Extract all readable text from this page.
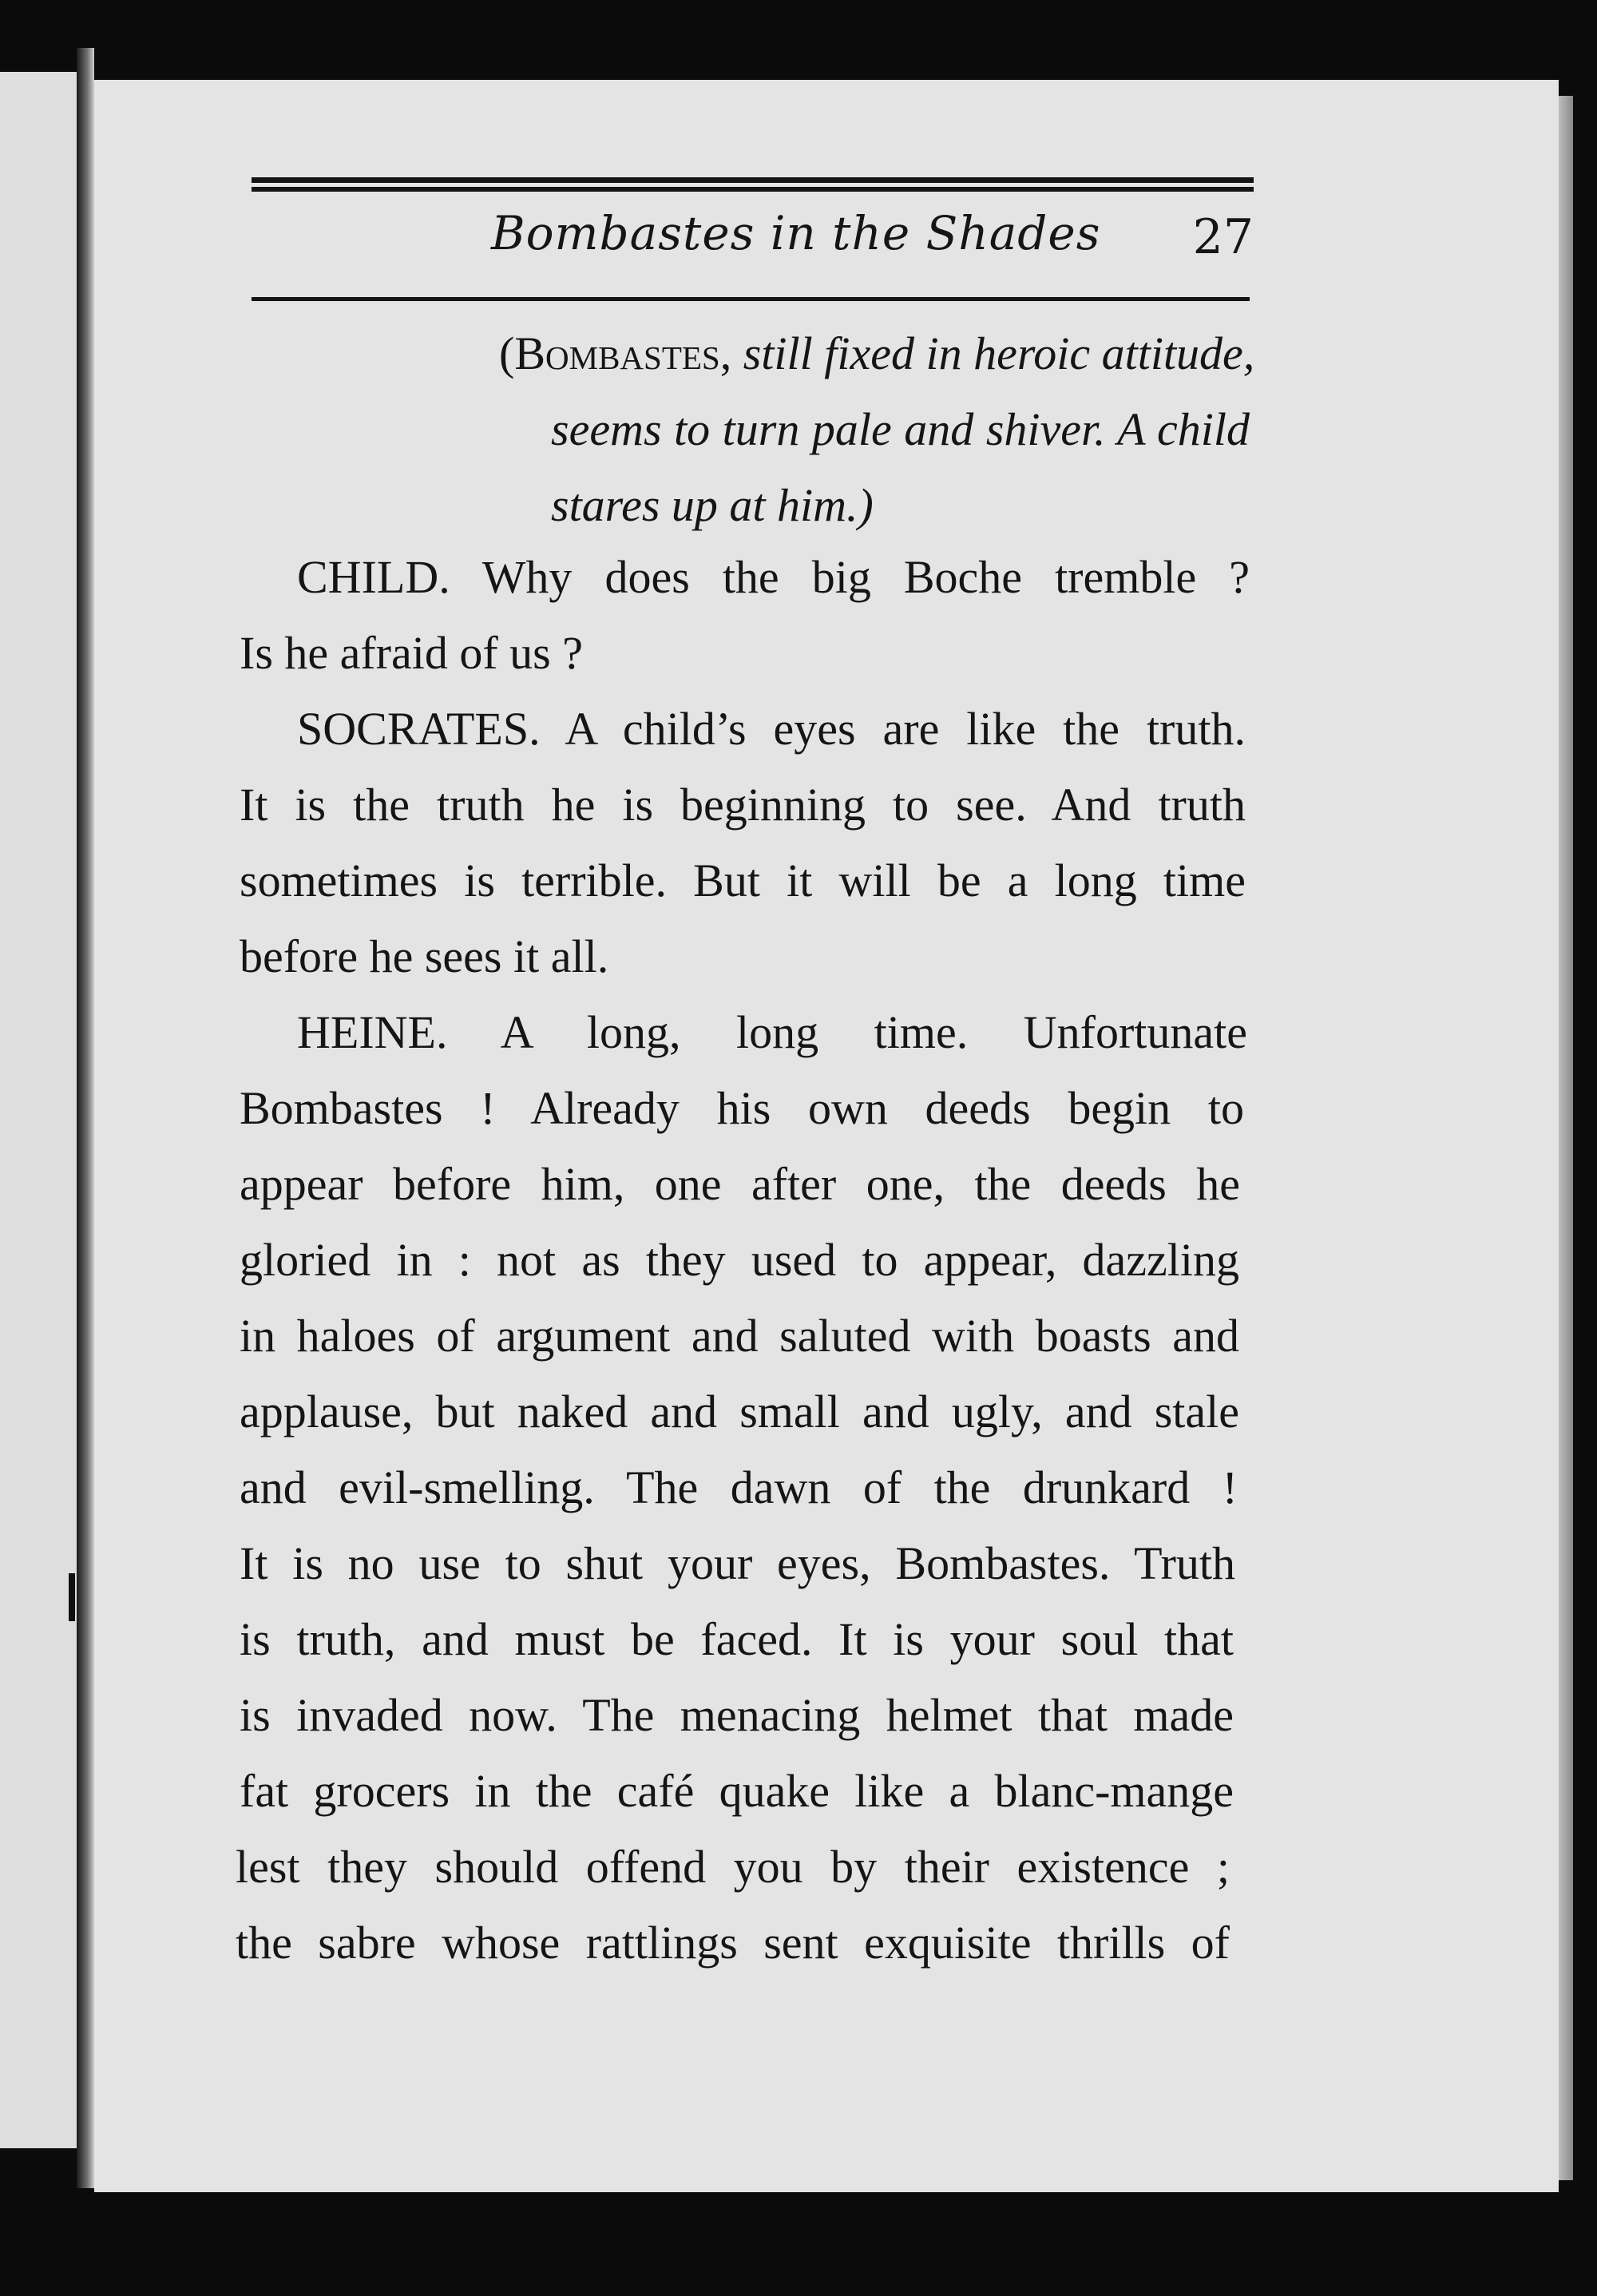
Bombastes in the Shades 27
(Bombastes, still fixed in heroic attitude,
seems to turn pale and shiver. A child
stares up at him.)
CHILD. Why does the big Boche tremble ?
Is he afraid of us ?
SOCRATES. A child’s eyes are like the truth.
It is the truth he is beginning to see. And truth
sometimes is terrible. But it will be a long time
before he sees it all.
HEINE. A long, long time. Unfortunate
Bombastes ! Already his own deeds begin to
appear before him, one after one, the deeds he
gloried in : not as they used to appear, dazzling
in haloes of argument and saluted with boasts and
applause, but naked and small and ugly, and stale
and evil-smelling. The dawn of the drunkard !
It is no use to shut your eyes, Bombastes. Truth
is truth, and must be faced. It is your soul that
is invaded now. The menacing helmet that made
fat grocers in the café quake like a blanc-mange
lest they should offend you by their existence ;
the sabre whose rattlings sent exquisite thrills of
